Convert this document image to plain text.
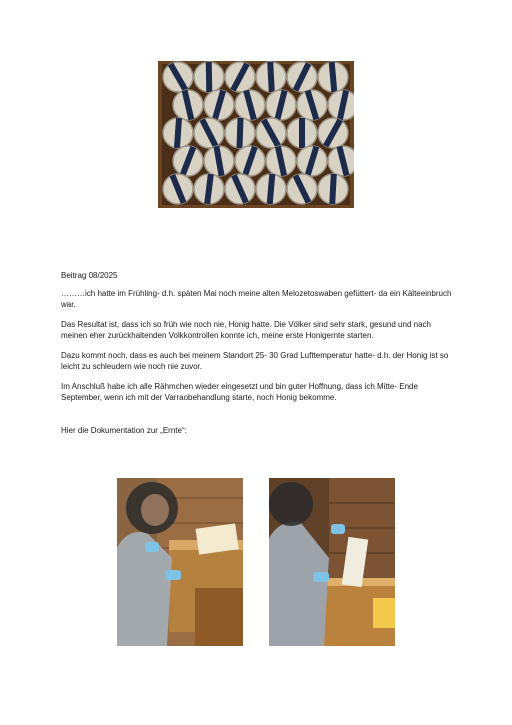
Beitrag 08/2025

………ich hatte im Frühling- d.h. späten Mai noch meine alten Melozetoswaben gefüttert- da ein Kälteeinbruch war.

Das Resultat ist, dass ich so früh wie noch nie, Honig hatte. Die Völker sind sehr stark, gesund und nach meinen eher zurückhaltenden Volkkontrollen konnte ich, meine erste Honigernte starten.

Dazu kommt noch, dass es auch bei meinem Standort 25- 30 Grad Lufttemperatur hatte- d.h. der Honig ist so leicht zu schleudern wie noch nie zuvor.

Im Anschluß habe ich alle Rähmchen wieder eingesetzt und bin guter Hoffnung, dass ich Mitte- Ende September, wenn ich mit der Varraobehandlung starte, noch Honig bekomme.

Hier die Dokumentation zur „Ernte“:
